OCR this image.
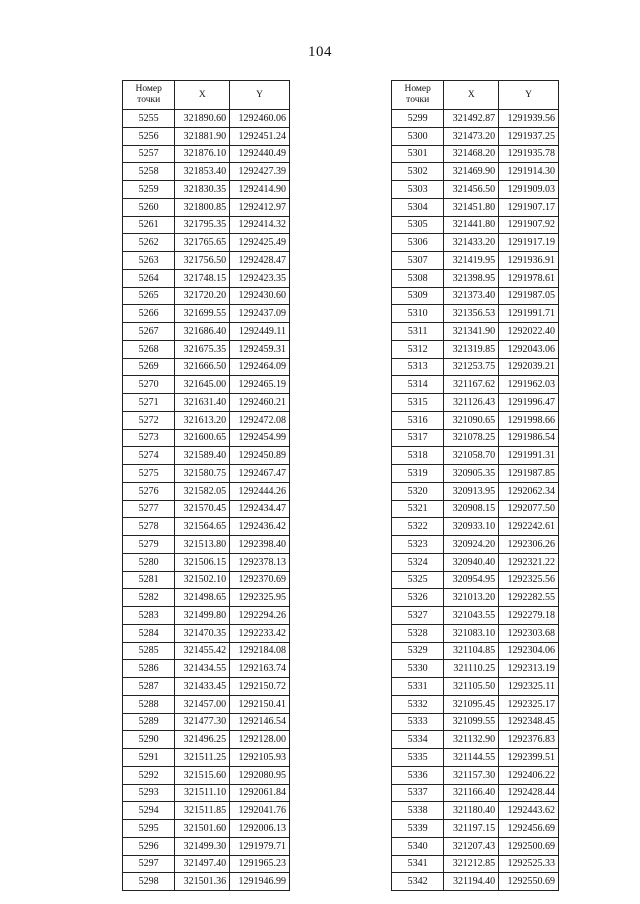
104
Номер точки	X	Y
5255	321890.60	1292460.06
5256	321881.90	1292451.24
5257	321876.10	1292440.49
5258	321853.40	1292427.39
5259	321830.35	1292414.90
5260	321800.85	1292412.97
5261	321795.35	1292414.32
5262	321765.65	1292425.49
5263	321756.50	1292428.47
5264	321748.15	1292423.35
5265	321720.20	1292430.60
5266	321699.55	1292437.09
5267	321686.40	1292449.11
5268	321675.35	1292459.31
5269	321666.50	1292464.09
5270	321645.00	1292465.19
5271	321631.40	1292460.21
5272	321613.20	1292472.08
5273	321600.65	1292454.99
5274	321589.40	1292450.89
5275	321580.75	1292467.47
5276	321582.05	1292444.26
5277	321570.45	1292434.47
5278	321564.65	1292436.42
5279	321513.80	1292398.40
5280	321506.15	1292378.13
5281	321502.10	1292370.69
5282	321498.65	1292325.95
5283	321499.80	1292294.26
5284	321470.35	1292233.42
5285	321455.42	1292184.08
5286	321434.55	1292163.74
5287	321433.45	1292150.72
5288	321457.00	1292150.41
5289	321477.30	1292146.54
5290	321496.25	1292128.00
5291	321511.25	1292105.93
5292	321515.60	1292080.95
5293	321511.10	1292061.84
5294	321511.85	1292041.76
5295	321501.60	1292006.13
5296	321499.30	1291979.71
5297	321497.40	1291965.23
5298	321501.36	1291946.99
Номер точки	X	Y
5299	321492.87	1291939.56
5300	321473.20	1291937.25
5301	321468.20	1291935.78
5302	321469.90	1291914.30
5303	321456.50	1291909.03
5304	321451.80	1291907.17
5305	321441.80	1291907.92
5306	321433.20	1291917.19
5307	321419.95	1291936.91
5308	321398.95	1291978.61
5309	321373.40	1291987.05
5310	321356.53	1291991.71
5311	321341.90	1292022.40
5312	321319.85	1292043.06
5313	321253.75	1292039.21
5314	321167.62	1291962.03
5315	321126.43	1291996.47
5316	321090.65	1291998.66
5317	321078.25	1291986.54
5318	321058.70	1291991.31
5319	320905.35	1291987.85
5320	320913.95	1292062.34
5321	320908.15	1292077.50
5322	320933.10	1292242.61
5323	320924.20	1292306.26
5324	320940.40	1292321.22
5325	320954.95	1292325.56
5326	321013.20	1292282.55
5327	321043.55	1292279.18
5328	321083.10	1292303.68
5329	321104.85	1292304.06
5330	321110.25	1292313.19
5331	321105.50	1292325.11
5332	321095.45	1292325.17
5333	321099.55	1292348.45
5334	321132.90	1292376.83
5335	321144.55	1292399.51
5336	321157.30	1292406.22
5337	321166.40	1292428.44
5338	321180.40	1292443.62
5339	321197.15	1292456.69
5340	321207.43	1292500.69
5341	321212.85	1292525.33
5342	321194.40	1292550.69
